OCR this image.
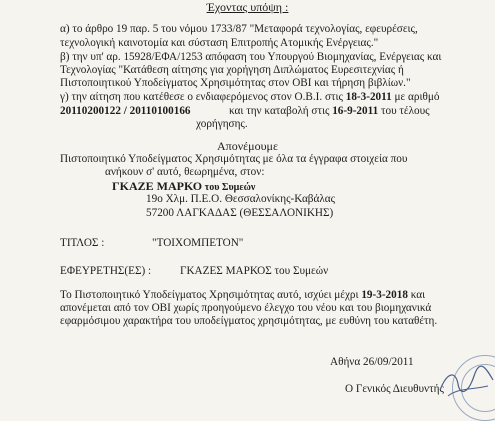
Έχοντας υπόψη :
α) το άρθρο 19 παρ. 5 του νόμου 1733/87 "Μεταφορά τεχνολογίας, εφευρέσεις,
τεχνολογική καινοτομία και σύσταση Επιτροπής Ατομικής Ενέργειας."
β) την υπ' αρ. 15928/ΕΦΑ/1253 απόφαση του Υπουργού Βιομηχανίας, Ενέργειας και
Τεχνολογίας "Κατάθεση αίτησης για χορήγηση Διπλώματος Ευρεσιτεχνίας ή
Πιστοποιητικού Υποδείγματος Χρησιμότητας στον ΟΒΙ και τήρηση βιβλίων."
γ) την αίτηση που κατέθεσε ο ενδιαφερόμενος στον Ο.Β.Ι. στις 18-3-2011 με αριθμό
20110200122 / 20110100166	και την καταβολή στις 16-9-2011 του τέλους
χορήγησης.
Απονέμουμε
Πιστοποιητικό Υποδείγματος Χρησιμότητας με όλα τα έγγραφα στοιχεία που
ανήκουν σ' αυτό, θεωρημένα, στον:
ΓΚΑΖΕ ΜΑΡΚΟ του Συμεών
19ο Χλμ. Π.Ε.Ο. Θεσσαλονίκης-Καβάλας
57200 ΛΑΓΚΑΔΑΣ (ΘΕΣΣΑΛΟΝΙΚΗΣ)
ΤΙΤΛΟΣ :	"ΤΟΙΧΟΜΠΕΤΟΝ"
ΕΦΕΥΡΕΤΗΣ(ΕΣ) :	ΓΚΑΖΕΣ ΜΑΡΚΟΣ του Συμεών
Το Πιστοποιητικό Υποδείγματος Χρησιμότητας αυτό, ισχύει μέχρι 19-3-2018 και
απονέμεται από τον ΟΒΙ χωρίς προηγούμενο έλεγχο του νέου και του βιομηχανικά
εφαρμόσιμου χαρακτήρα του υποδείγματος χρησιμότητας, με ευθύνη του καταθέτη.
Αθήνα 26/09/2011
Ο Γενικός Διευθυντής
